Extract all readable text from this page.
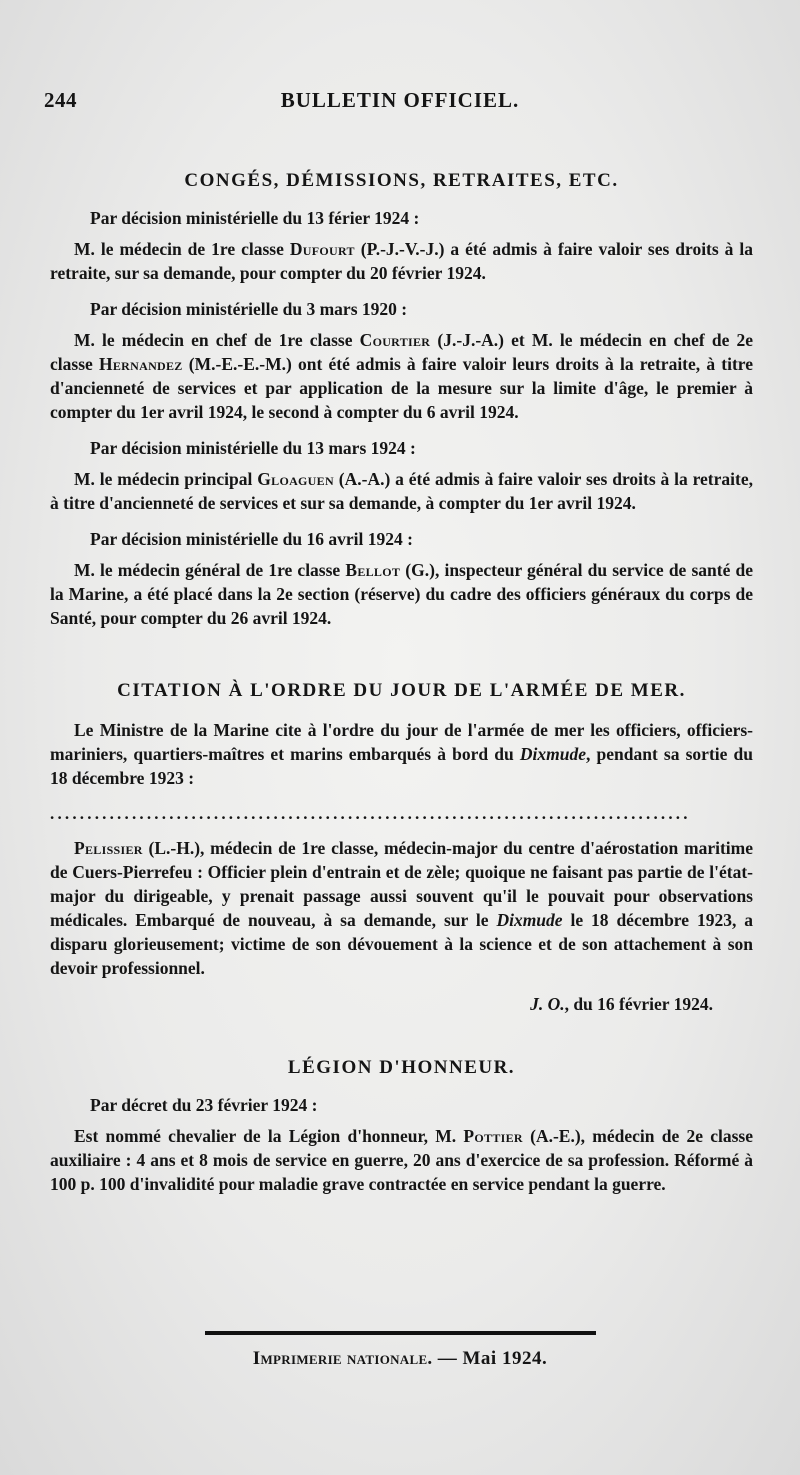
244	BULLETIN OFFICIEL.
CONGÉS, DÉMISSIONS, RETRAITES, ETC.
Par décision ministérielle du 13 férier 1924 :
M. le médecin de 1re classe Dufourt (P.-J.-V.-J.) a été admis à faire valoir ses droits à la retraite, sur sa demande, pour compter du 20 février 1924.
Par décision ministérielle du 3 mars 1920 :
M. le médecin en chef de 1re classe Courtier (J.-J.-A.) et M. le médecin en chef de 2e classe Hernandez (M.-E.-E.-M.) ont été admis à faire valoir leurs droits à la retraite, à titre d'ancienneté de services et par application de la mesure sur la limite d'âge, le premier à compter du 1er avril 1924, le second à compter du 6 avril 1924.
Par décision ministérielle du 13 mars 1924 :
M. le médecin principal Gloaguen (A.-A.) a été admis à faire valoir ses droits à la retraite, à titre d'ancienneté de services et sur sa demande, à compter du 1er avril 1924.
Par décision ministérielle du 16 avril 1924 :
M. le médecin général de 1re classe Bellot (G.), inspecteur général du service de santé de la Marine, a été placé dans la 2e section (réserve) du cadre des officiers généraux du corps de Santé, pour compter du 26 avril 1924.
CITATION À L'ORDRE DU JOUR DE L'ARMÉE DE MER.
Le Ministre de la Marine cite à l'ordre du jour de l'armée de mer les officiers, officiers-mariniers, quartiers-maîtres et marins embarqués à bord du Dixmude, pendant sa sortie du 18 décembre 1923 :
......................................................................................
Pelissier (L.-H.), médecin de 1re classe, médecin-major du centre d'aérostation maritime de Cuers-Pierrefeu : Officier plein d'entrain et de zèle; quoique ne faisant pas partie de l'état-major du dirigeable, y prenait passage aussi souvent qu'il le pouvait pour observations médicales. Embarqué de nouveau, à sa demande, sur le Dixmude le 18 décembre 1923, a disparu glorieusement; victime de son dévouement à la science et de son attachement à son devoir professionnel.
J. O., du 16 février 1924.
LÉGION D'HONNEUR.
Par décret du 23 février 1924 :
Est nommé chevalier de la Légion d'honneur, M. Pottier (A.-E.), médecin de 2e classe auxiliaire : 4 ans et 8 mois de service en guerre, 20 ans d'exercice de sa profession. Réformé à 100 p. 100 d'invalidité pour maladie grave contractée en service pendant la guerre.
Imprimerie nationale. — Mai 1924.
